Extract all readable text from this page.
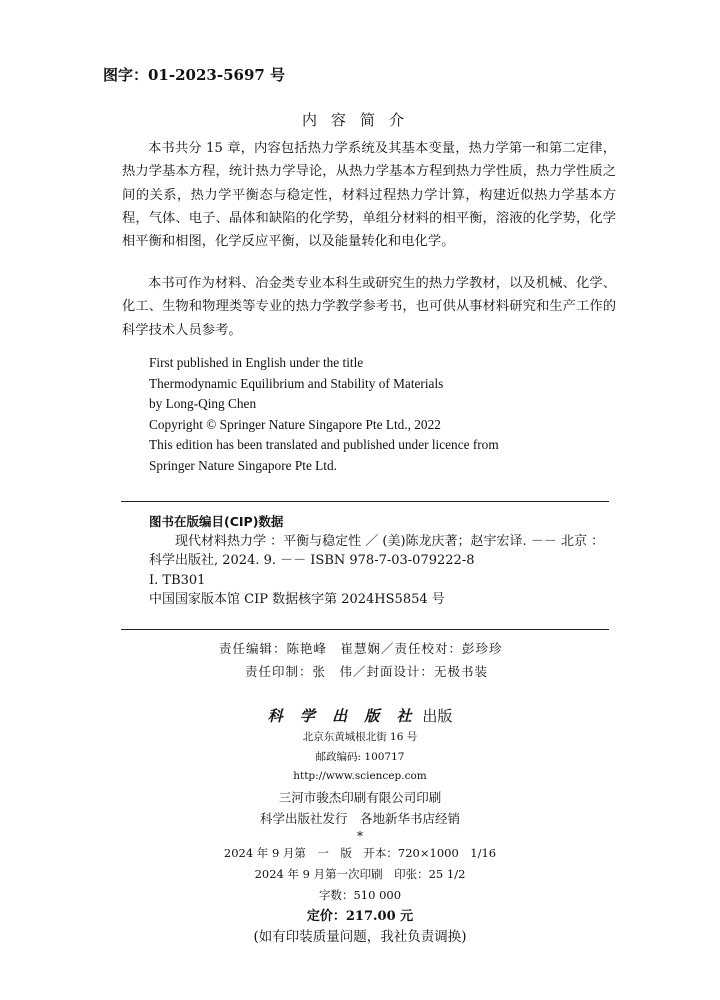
图字：01-2023-5697 号
内容简介
本书共分 15 章，内容包括热力学系统及其基本变量，热力学第一和第二定律，热力学基本方程，统计热力学导论，从热力学基本方程到热力学性质，热力学性质之间的关系，热力学平衡态与稳定性，材料过程热力学计算，构建近似热力学基本方程，气体、电子、晶体和缺陷的化学势，单组分材料的相平衡，溶液的化学势，化学相平衡和相图，化学反应平衡，以及能量转化和电化学。
本书可作为材料、冶金类专业本科生或研究生的热力学教材，以及机械、化学、化工、生物和物理类等专业的热力学教学参考书，也可供从事材料研究和生产工作的科学技术人员参考。
First published in English under the title
Thermodynamic Equilibrium and Stability of Materials
by Long-Qing Chen
Copyright © Springer Nature Singapore Pte Ltd., 2022
This edition has been translated and published under licence from
Springer Nature Singapore Pte Ltd.
图书在版编目(CIP)数据
现代材料热力学 ：平衡与稳定性 ／ (美)陈龙庆著；赵宇宏译. －－ 北京 ： 科学出版社, 2024. 9. －－ ISBN 978-7-03-079222-8
I. TB301
中国国家版本馆 CIP 数据核字第 2024HS5854 号
责任编辑：陈艳峰　崔慧娴／责任校对：彭珍珍
责任印制：张　伟／封面设计：无极书装
科 学 出 版 社 出版
北京东黄城根北街 16 号
邮政编码: 100717
http://www.sciencep.com
三河市骏杰印刷有限公司印刷
科学出版社发行　各地新华书店经销
*
2024 年 9 月第　一　版　开本：720×1000　1/16
2024 年 9 月第一次印刷　印张：25 1/2
字数：510 000
定价：217.00 元
(如有印装质量问题，我社负责调换)
